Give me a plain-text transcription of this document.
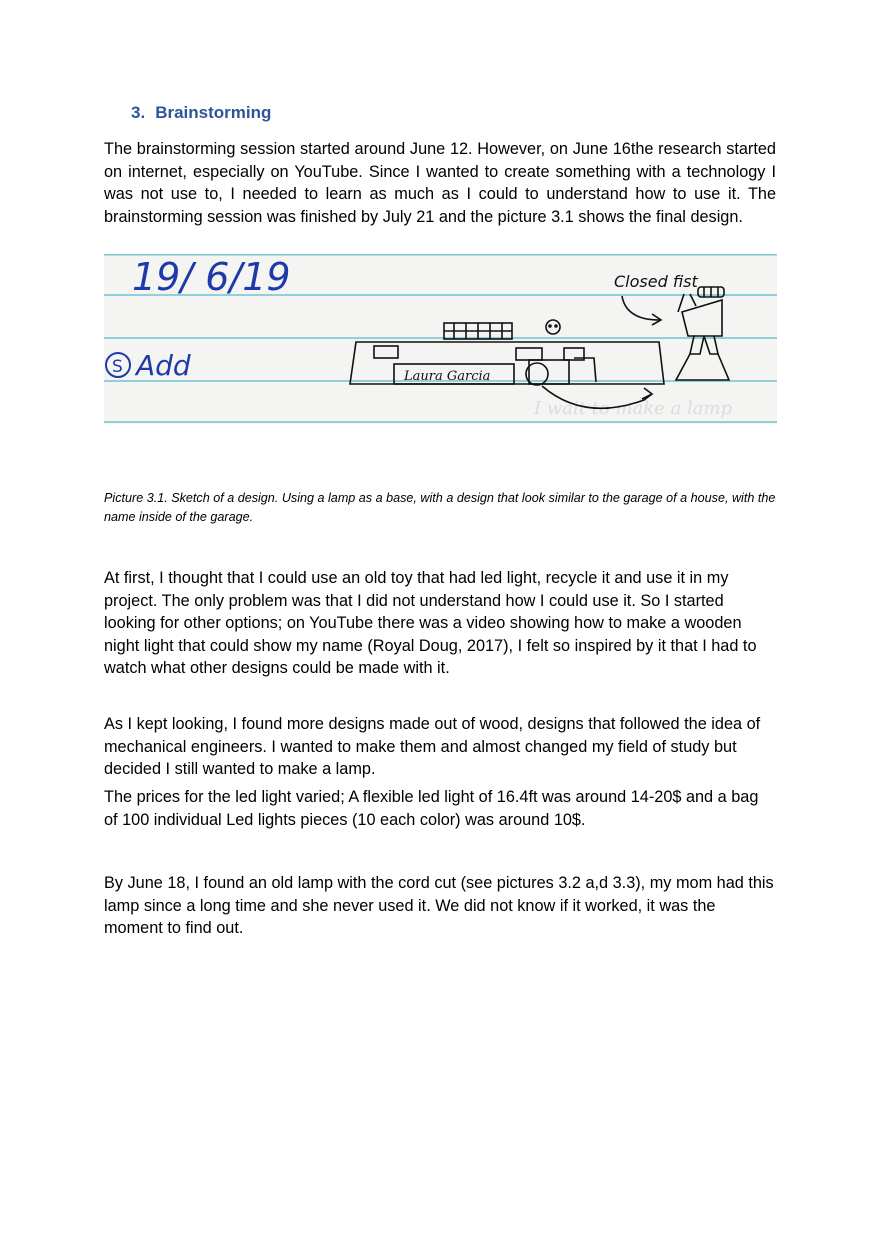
3. Brainstorming

The brainstorming session started around June 12. However, on June 16the research started on internet, especially on YouTube. Since I wanted to create something with a technology I was not use to, I needed to learn as much as I could to understand how to use it. The brainstorming session was finished by July 21 and the picture 3.1 shows the final design.

I wait to make a lamp
19/ 6/19
S Add	Laura Garcia
Closed fist
Picture 3.1. Sketch of a design. Using a lamp as a base, with a design that look similar to the garage of a house, with the name inside of the garage.

At first, I thought that I could use an old toy that had led light, recycle it and use it in my project. The only problem was that I did not understand how I could use it. So I started looking for other options; on YouTube there was a video showing how to make a wooden night light that could show my name (Royal Doug, 2017), I felt so inspired by it that I had to watch what other designs could be made with it.

As I kept looking, I found more designs made out of wood, designs that followed the idea of mechanical engineers. I wanted to make them and almost changed my field of study but decided I still wanted to make a lamp.

The prices for the led light varied; A flexible led light of 16.4ft was around 14-20$ and a bag of 100 individual Led lights pieces (10 each color) was around 10$.

By June 18, I found an old lamp with the cord cut (see pictures 3.2 a,d 3.3), my mom had this lamp since a long time and she never used it. We did not know if it worked, it was the moment to find out.
